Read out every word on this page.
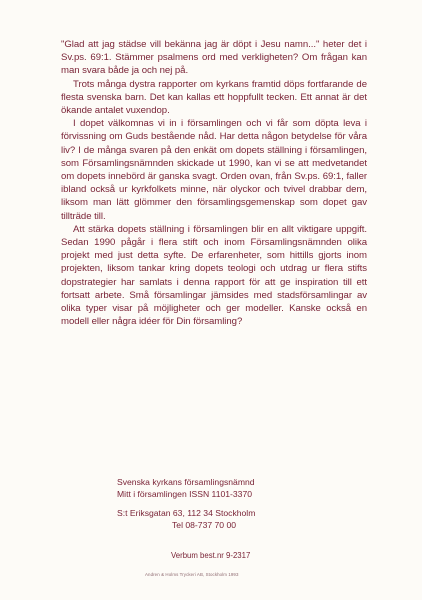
"Glad att jag städse vill bekänna jag är döpt i Jesu namn..." heter det i Sv.ps. 69:1. Stämmer psalmens ord med verkligheten? Om frågan kan man svara både ja och nej på.

Trots många dystra rapporter om kyrkans framtid döps fortfarande de flesta svenska barn. Det kan kallas ett hoppfullt tecken. Ett annat är det ökande antalet vuxendop.

I dopet välkomnas vi in i församlingen och vi får som döpta leva i förvissning om Guds bestående nåd. Har detta någon betydelse för våra liv? I de många svaren på den enkät om dopets ställning i församlingen, som Församlingsnämnden skickade ut 1990, kan vi se att medvetandet om dopets innebörd är ganska svagt. Orden ovan, från Sv.ps. 69:1, faller ibland också ur kyrkfolkets minne, när olyckor och tvivel drabbar dem, liksom man lätt glömmer den församlingsgemenskap som dopet gav tillträde till.

Att stärka dopets ställning i församlingen blir en allt viktigare uppgift. Sedan 1990 pågår i flera stift och inom Församlingsnämnden olika projekt med just detta syfte. De erfarenheter, som hittills gjorts inom projekten, liksom tankar kring dopets teologi och utdrag ur flera stifts dopstrategier har samlats i denna rapport för att ge inspiration till ett fortsatt arbete. Små församlingar jämsides med stadsförsamlingar av olika typer visar på möjligheter och ger modeller. Kanske också en modell eller några idéer för Din församling?

Svenska kyrkans församlingsnämnd
Mitt i församlingen ISSN 1101-3370
S:t Eriksgatan 63, 112 34 Stockholm
Tel 08-737 70 00
Verbum best.nr 9-2317
Andren & Holms Tryckeri AB, Stockholm 1993
